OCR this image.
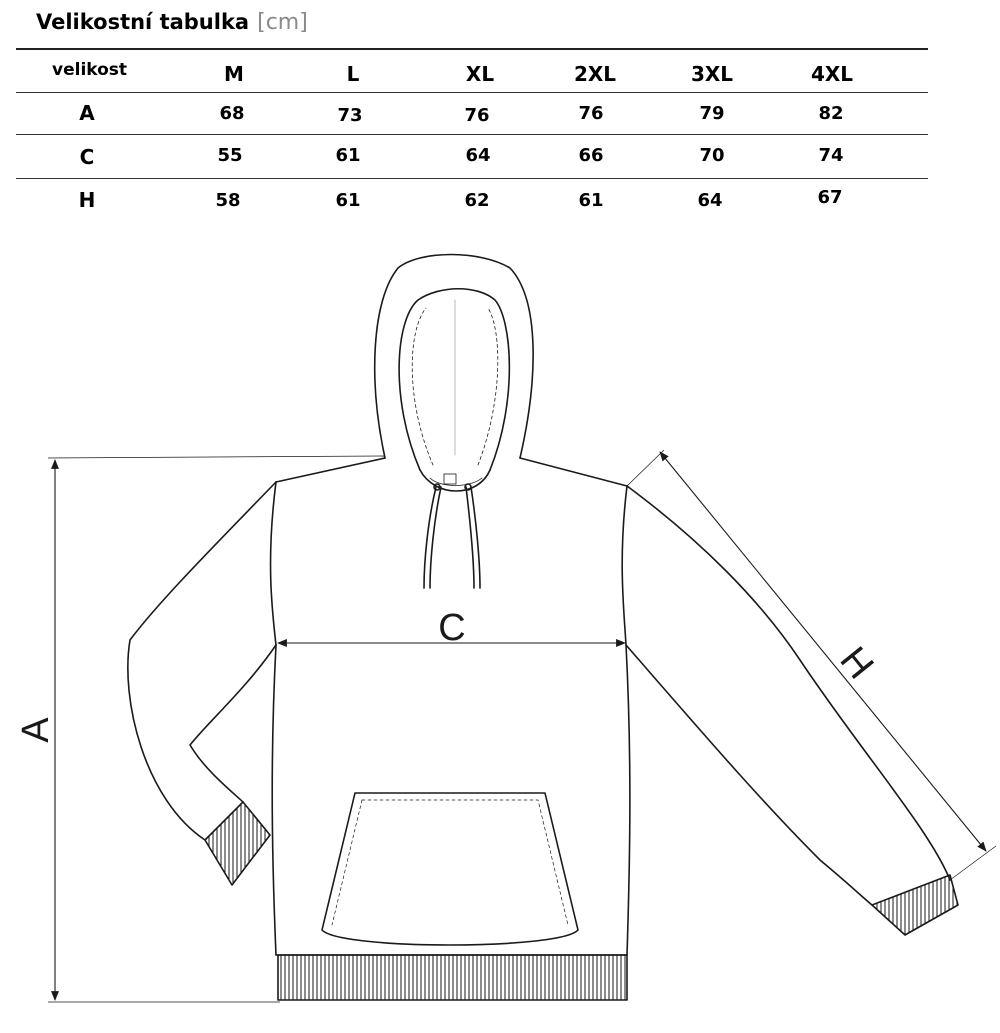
Velikostní tabulka [cm]
velikost	M	L	XL	2XL	3XL	4XL
A	68	73	76	76	79	82
C	55	61	64	66	70	74
H	58	61	62	61	64	67
A
C
H
